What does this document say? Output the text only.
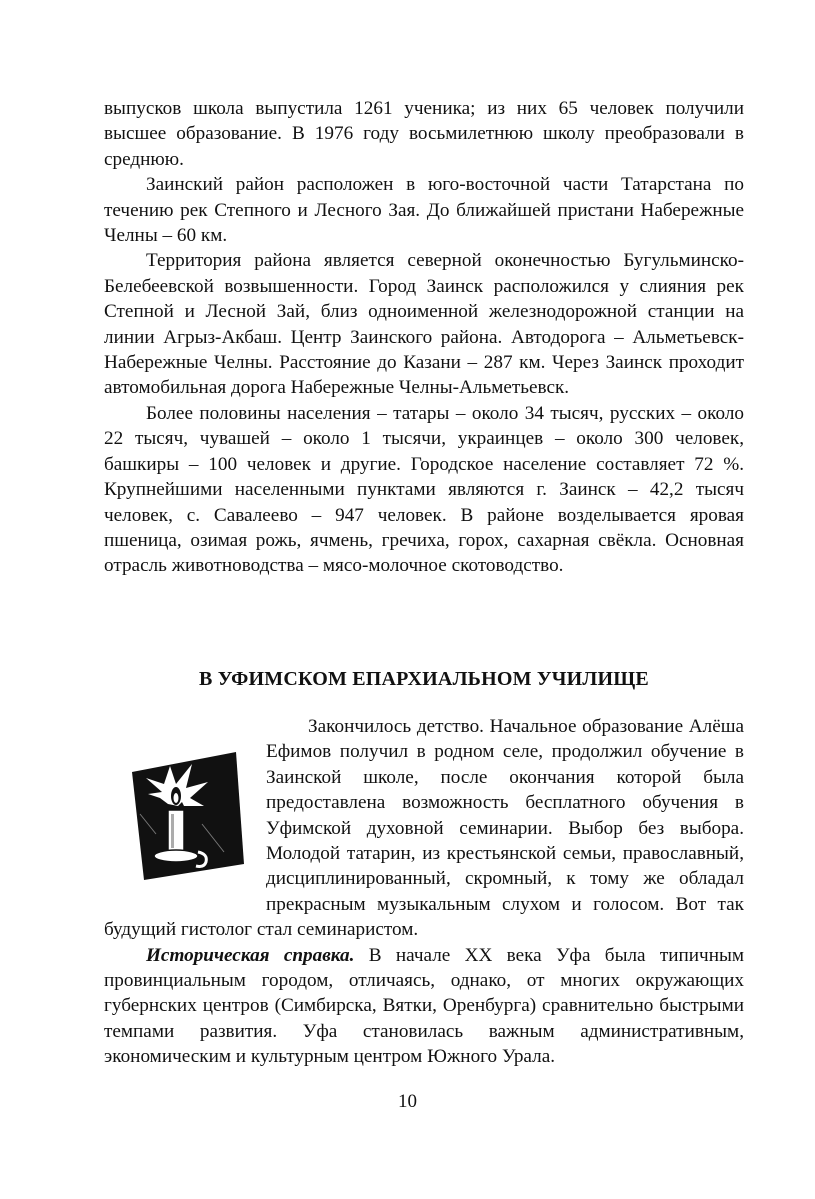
выпусков школа выпустила 1261 ученика; из них 65 человек получили высшее образование. В 1976 году восьмилетнюю школу преобразовали в среднюю.

Заинский район расположен в юго-восточной части Татарстана по течению рек Степного и Лесного Зая. До ближайшей пристани Набережные Челны – 60 км.

Территория района является северной оконечностью Бугульминско-Белебеевской возвышенности. Город Заинск расположился у слияния рек Степной и Лесной Зай, близ одноименной железнодорожной станции на линии Агрыз-Акбаш. Центр Заинского района. Автодорога – Альметьевск-Набережные Челны. Расстояние до Казани – 287 км. Через Заинск проходит автомобильная дорога Набережные Челны-Альметьевск.

Более половины населения – татары – около 34 тысяч, русских – около 22 тысяч, чувашей – около 1 тысячи, украинцев – около 300 человек, башкиры – 100 человек и другие. Городское население составляет 72 %. Крупнейшими населенными пунктами являются г. Заинск – 42,2 тысяч человек, с. Савалеево – 947 человек. В районе возделывается яровая пшеница, озимая рожь, ячмень, гречиха, горох, сахарная свёкла. Основная отрасль животноводства – мясо-молочное скотоводство.

В УФИМСКОМ ЕПАРХИАЛЬНОМ УЧИЛИЩЕ

Закончилось детство. Начальное образование Алёша Ефимов получил в родном селе, продолжил обучение в Заинской школе, после окончания которой была предоставлена возможность бесплатного обучения в Уфимской духовной семинарии. Выбор без выбора. Молодой татарин, из крестьянской семьи, православный, дисциплинированный, скромный, к тому же обладал прекрасным музыкальным слухом и голосом. Вот так будущий гистолог стал семинаристом.

Историческая справка. В начале XX века Уфа была типичным провинциальным городом, отличаясь, однако, от многих окружающих губернских центров (Симбирска, Вятки, Оренбурга) сравнительно быстрыми темпами развития. Уфа становилась важным административным, экономическим и культурным центром Южного Урала.

10
